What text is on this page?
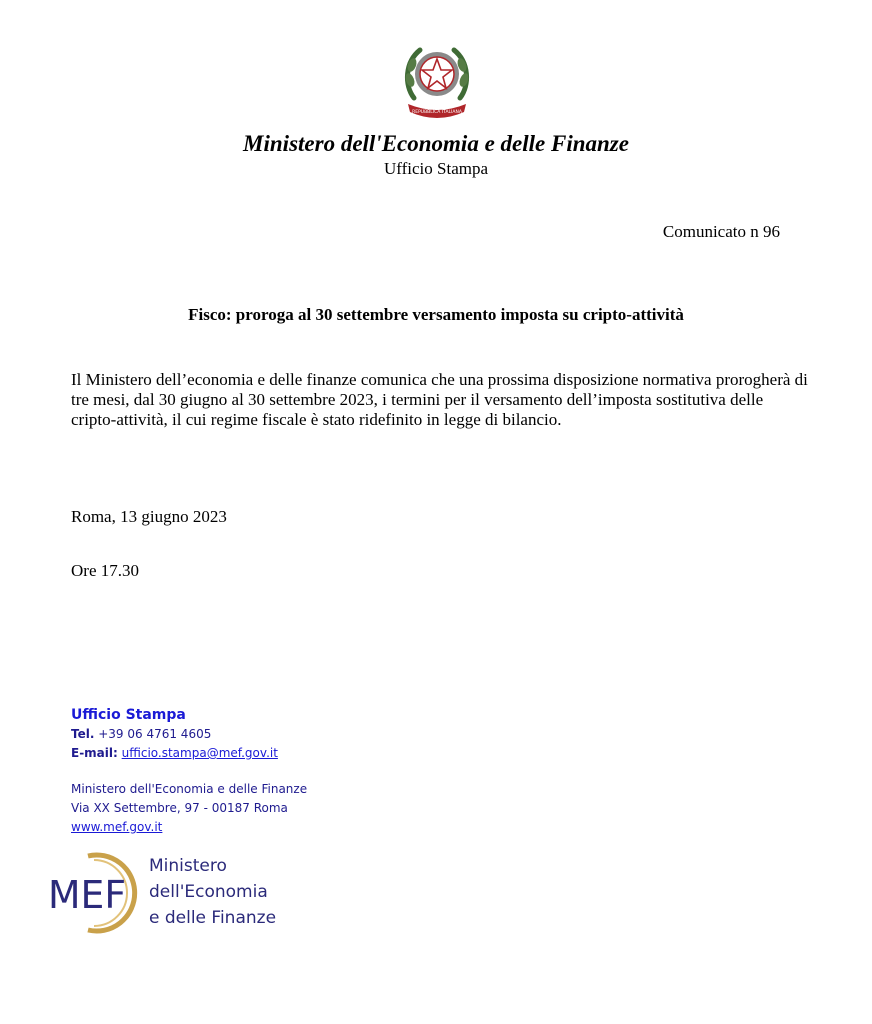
REPUBBLICA ITALIANA
Ministero dell'Economia e delle Finanze
Ufficio Stampa
Comunicato n 96
Fisco: proroga al 30 settembre versamento imposta su cripto-attività
Il Ministero dell’economia e delle finanze comunica che una prossima disposizione normativa prorogherà di tre mesi, dal 30 giugno al 30 settembre 2023, i termini per il versamento dell’imposta sostitutiva delle cripto-attività, il cui regime fiscale è stato ridefinito in legge di bilancio.
Roma, 13 giugno 2023
Ore 17.30
Ufficio Stampa
Tel. +39 06 4761 4605
E-mail: ufficio.stampa@mef.gov.it
Ministero dell'Economia e delle Finanze
Via XX Settembre, 97 - 00187 Roma
www.mef.gov.it
MEF
Ministero
dell'Economia
e delle Finanze
